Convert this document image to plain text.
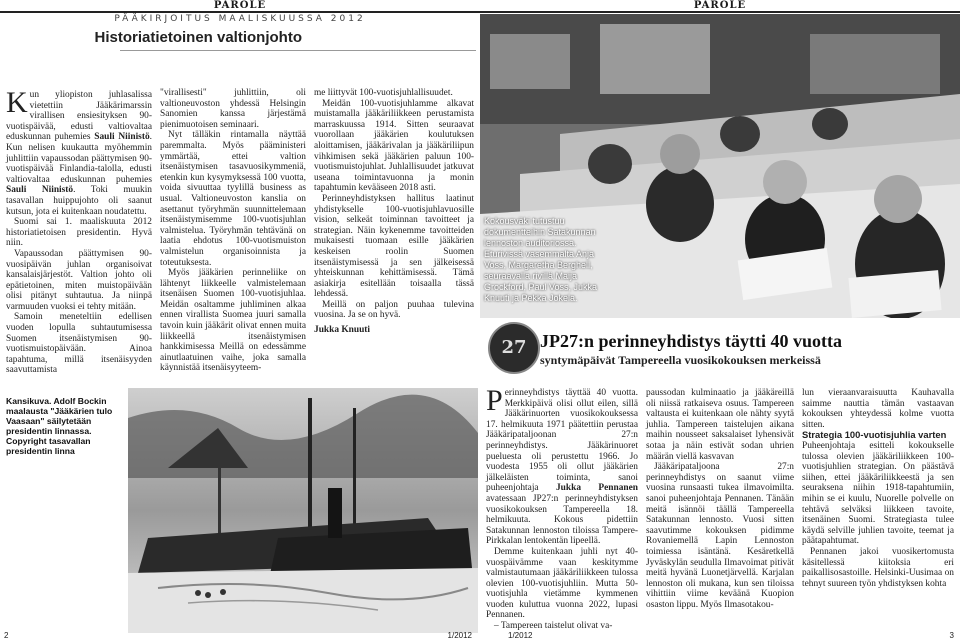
PAROLE
PÄÄKIRJOITUS MAALISKUUSSA 2012
Historiatietoinen valtionjohto

Kun yliopiston juhlasalissa vietettiin Jääkärimarssin virallisen ensiesityksen 90-vuotispäivää, edusti valtiovaltaa eduskunnan puhemies Sauli Niinistö. Kun nelisen kuukautta myöhemmin juhlittiin vapaussodan päättymisen 90-vuotispäivää Finlandia-talolla, edusti valtiovaltaa eduskunnan puhemies Sauli Niinistö. Toki muukin tasavallan huippujohto oli saanut kutsun, jota ei kuitenkaan noudatettu.

Suomi sai 1. maaliskuuta 2012 historiatietoisen presidentin. Hyvä niin.

Vapaussodan päättymisen 90-vuosipäivän juhlan organisoivat kansalaisjärjestöt. Valtion johto oli epätietoinen, miten muistopäivään olisi pitänyt suhtautua. Ja niinpä varmuuden vuoksi ei tehty mitään.

Samoin meneteltiin edellisen vuoden lopulla suhtautumisessa Suomen itsenäistymisen 90-vuotismuistopäivään. Ainoa tapahtuma, millä itsenäisyyden saavuttamista

"virallisesti" juhlittiin, oli valtioneuvoston yhdessä Helsingin Sanomien kanssa järjestämä pienimuotoisen seminaari.

Nyt tälläkin rintamalla näyttää paremmalta. Myös pääministeri ymmärtää, ettei valtion itsenäistymisen tasavuosikymmeniä, etenkin kun kysymyksessä 100 vuotta, voida sivuuttaa tyylillä business as usual. Valtioneuvoston kanslia on asettanut työryhmän suunnittelemaan itsenäistymisemme 100-vuotisjuhlan valmistelua. Työryhmän tehtävänä on laatia ehdotus 100-vuotismuiston valmistelun organisoinnista ja toteutuksesta.

Myös jääkärien perinneliike on lähtenyt liikkeelle valmistelemaan itsenäisen Suomen 100-vuotisjuhlaa. Meidän osaltamme juhliminen alkaa ennen virallista Suomea juuri samalla tavoin kuin jääkärit olivat ennen muita liikkeellä itsenäistymisen hankkimisessa Meillä on edessämme ainutlaatuinen vaihe, joka samalla käynnistää itsenäisyyteem-

me liittyvät 100-vuotisjuhlallisuudet.

Meidän 100-vuotisjuhlamme alkavat muistamalla jääkäriliikkeen perustamista marraskuussa 1914. Sitten seuraavat vuorollaan jääkärien koulutuksen aloittamisen, jääkärivalan ja jääkäriliipun vihkimisen sekä jääkärien paluun 100-vuotismuistojuhlat. Juhlallisuudet jatkuvat useana toimintavuonna ja monin tapahtumin kevääseen 2018 asti.

Perinneyhdistyksen hallitus laatinut yhdistykselle 100-vuotisjuhlavuosille vision, selkeät toiminnan tavoitteet ja strategian. Näin kykenemme tavoitteiden mukaisesti tuomaan esille jääkärien keskeisen roolin Suomen itsenäistymisessä ja sen jälkeisessä yhteiskunnan kehittämisessä. Tämä asiakirja esitellään toisaalla tässä lehdessä.

Meillä on paljon puuhaa tulevina vuosina. Ja se on hyvä.

Jukka Knuuti

Kansikuva. Adolf Bockin maalausta "Jääkärien tulo Vaasaan" säilytetään presidentin linnassa. Copyright tasavallan presidentin linna
2	1/2012
PAROLE
Kokousväki tutustuu dokumentteihin Satakunnan lennoston auditoriossa. Eturivissä vasemmalta Anja Voss, Margaretha Berghell, seuraavalla rivillä Maija Grockford, Paul Voss, Jukka Knuuti ja Pekka Jokela.
27 JP27:n perinneyhdistys täytti 40 vuotta
syntymäpäivät Tampereella vuosikokouksen merkeissä

Perinneyhdistys täyttää 40 vuotta. Merkkipäivä olisi ollut eilen, sillä Jääkärinuorten vuosikokouksessa 17. helmikuuta 1971 päätettiin perustaa Jääkäripataljoonan 27:n perinneyhdistys. Jääkärinuoret pueluesta oli perustettu 1966. Jo vuodesta 1955 oli ollut jääkärien jälkeläisten toiminta, sanoi puheenjohtaja Jukka Pennanen avatessaan JP27:n perinneyhdistyksen vuosikokouksen Tampereella 18. helmikuuta. Kokous pidettiin Satakunnan lennoston tiloissa Tampere-Pirkkalan lentokentän lipeellä.

Demme kuitenkaan juhli nyt 40-vuospäivämme vaan keskitymme valmistautumaan jääkäriliikkeen tulossa olevien 100-vuotisjuhliin. Mutta 50-vuotisjuhla vietämme kymmenen vuoden kuluttua vuonna 2022, lupasi Pennanen.

– Tampereen taistelut olivat va-

paussodan kulminaatio ja jääkäreillä oli niissä ratkaiseva osuus. Tampereen valtausta ei kuitenkaan ole nähty syytä juhlia. Tampereen taistelujen aikana maihin nousseet saksalaiset lyhensivät sotaa ja näin estivät sodan uhrien määrän viellä kasvavan

Jääkäripataljoona 27:n perinneyhdistys on saanut viime vuosina runsaasti tukea ilmavoimilta. sanoi puheenjohtaja Pennanen. Tänään meitä isännöi täällä Tampereella Satakunnan lennosto. Vuosi sitten saavutimme kokouksen pidimme Rovaniemellä Lapin Lennoston toimiessa isäntänä. Kesäretkellä Jyväskylän seudulla Ilmavoimat pitivät meitä hyvänä Luonetjärvellä. Karjalan lennoston oli mukana, kun sen tiloissa vihittiin viime keväänä Kuopion osaston lippu. Myös Ilmasotakou-

lun vieraanvaraisuutta Kauhavalla saimme nauttia tämän vastaavan kokouksen yhteydessä kolme vuotta sitten.

Strategia 100-vuotisjuhlia varten

Puheenjohtaja esitteli kokoukselle tulossa olevien jääkäriliikkeen 100-vuotisjuhlien strategian. On päästävä siihen, ettei jääkäriliikkeestä ja sen seuraksena niihin 1918-tapahtumiin, mihin se ei kuulu, Nuorelle polvelle on tehtävä selväksi liikkeen tavoite, itsenäinen Suomi. Strategiasta tulee käydä selville juhlien tavoite, teemat ja päätapahtumat.

Pennanen jakoi vuosikertomusta käsitellessä kiitoksia eri paikallisosastoille. Helsinki-Uusimaa on tehnyt suureen työn yhdistyksen kohta

1/2012	3
